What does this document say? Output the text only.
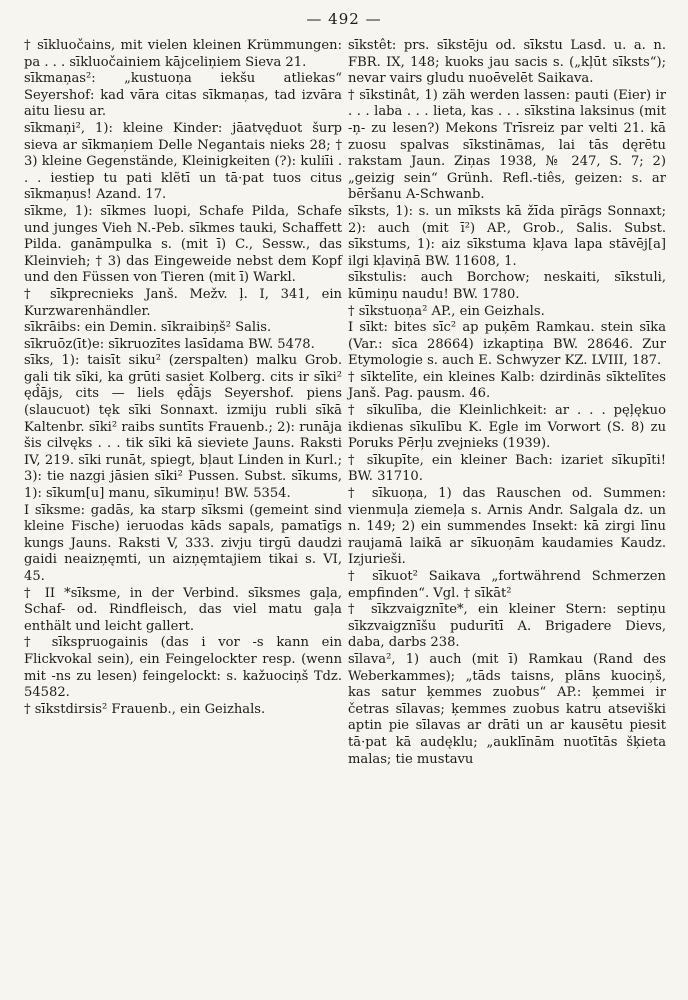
— 492 —

† sīkluočains, mit vielen kleinen Krümmungen: pa . . . sīkluočainiem kājceliņiem Sieva 21.

sīkmaņas²: „kustuoņa iekšu atliekas“ Seyershof: kad vāra citas sīkmaņas, tad izvāra aitu liesu ar.

sīkmaņi², 1): kleine Kinder: jāatvęduot šurp sieva ar sīkmaņiem Delle Negantais nieks 28; † 3) kleine Gegenstände, Kleinigkeiten (?): kuliīi . . . iestiep tu pati klẽtī un tā·pat tuos citus sīkmaņus! Azand. 17.

sīkme, 1): sīkmes luopi, Schafe Pilda, Schafe und junges Vieh N.-Peb. sīkmes tauki, Schaffett Pilda. ganāmpulka s. (mit ī) C., Sessw., das Kleinvieh; † 3) das Eingeweide nebst dem Kopf und den Füssen von Tieren (mit ī) Warkl.

† sīkprecnieks Janš. Mežv. ļ. I, 341, ein Kurzwarenhändler.

sīkrāibs: ein Demin. sīkraibiņš² Salis.

sīkruōz(īt)e: sīkruozītes lasīdama BW. 5478.

sīks, 1): taisīt siku² (zerspalten) malku Grob. gali tik sīki, ka grūti sasiet Kolberg. cits ir sīki² ęd̂ājs, cits — liels ęd̂ājs Seyershof. piens (slaucuot) tęk sīki Sonnaxt. izmiju rubli sīkā Kaltenbr. sīki² raibs suntīts Frauenb.; 2): runāja šis cilvęks . . . tik sīki kā sieviete Jauns. Raksti IV, 219. sīki runāt, spiegt, bļaut Linden in Kurl.; 3): tie nazgi jāsien sīki² Pussen. Subst. sīkums, 1): sīkum[u] manu, sīkumiņu! BW. 5354.

I sīksme: gadās, ka starp sīksmi (gemeint sind kleine Fische) ieruodas kāds sapals, pamatīgs kungs Jauns. Raksti V, 333. zivju tirgū daudzi gaidi neaizņęmti, un aizņęmtajiem tikai s. VI, 45.

† II *sīksme, in der Verbind. sīksmes gaļa, Schaf- od. Rindfleisch, das viel matu gaļa enthält und leicht gallert.

† sīkspruogainis (das i vor -s kann ein Flickvokal sein), ein Feingelockter resp. (wenn mit -ns zu lesen) feingelockt: s. kažuociņš Tdz. 54582.

† sīkstdirsis² Frauenb., ein Geizhals.

sīkstêt: prs. sīkstēju od. sīkstu Lasd. u. a. n. FBR. IX, 148; kuoks jau sacis s. („kļūt sīksts“); nevar vairs gludu nuoēvelēt Saikava.

† sīkstinât, 1) zäh werden lassen: pauti (Eier) ir . . . laba . . . lieta, kas . . . sīkstina laksinus (mit -ņ- zu lesen?) Mekons Trīsreiz par velti 21. kā zuosu spalvas sīkstināmas, lai tās dęrētu rakstam Jaun. Ziņas 1938, № 247, S. 7; 2) „geizig sein“ Grünh. Refl.-tiês, geizen: s. ar bēršanu A-Schwanb.

sīksts, 1): s. un mīksts kā žīda pīrāgs Sonnaxt; 2): auch (mit ī²) AP., Grob., Salis. Subst. sīkstums, 1): aiz sīkstuma kļava lapa stāvēj[a] ilgi kļaviņā BW. 11608, 1.

sīkstulis: auch Borchow; neskaiti, sīkstuli, kūmiņu naudu! BW. 1780.

† sīkstuoņa² AP., ein Geizhals.

I sīkt: bites sīc² ap puķēm Ramkau. stein sīka (Var.: sīca 28664) izkaptiņa BW. 28646. Zur Etymologie s. auch E. Schwyzer KZ. LVIII, 187.

† sīktelīte, ein kleines Kalb: dzirdinās sīktelītes Janš. Pag. pausm. 46.

† sīkulība, die Kleinlichkeit: ar . . . pęļękuo ikdienas sīkulību K. Egle im Vorwort (S. 8) zu Poruks Pērļu zvejnieks (1939).

† sīkupīte, ein kleiner Bach: izariet sīkupīti! BW. 31710.

† sīkuoņa, 1) das Rauschen od. Summen: vienmuļa ziemeļa s. Arnis Andr. Salgala dz. un n. 149; 2) ein summendes Insekt: kā zirgi līnu raujamā laikā ar sīkuoņām kaudamies Kaudz. Izjurieši.

† sīkuot² Saikava „fortwährend Schmerzen empfinden“. Vgl. † sīkāt²

† sīkzvaigznīte*, ein kleiner Stern: septiņu sīkzvaigznīšu pudurītī A. Brigadere Dievs, daba, darbs 238.

sīlava², 1) auch (mit ī) Ramkau (Rand des Weberkammes); „tāds taisns, plāns kuociņš, kas satur ķemmes zuobus“ AP.: ķemmei ir četras sīlavas; ķemmes zuobus katru atseviški aptin pie sīlavas ar drāti un ar kausētu piesit tā·pat kā audęklu; „auklīnām nuotītās šķieta malas; tie mustavu
